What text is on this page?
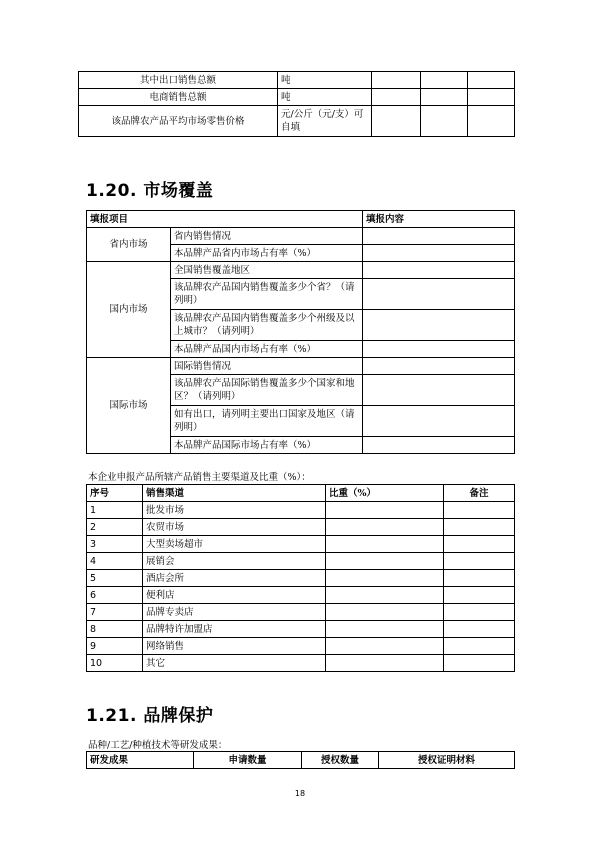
其中出口销售总额	吨			
电商销售总额	吨			
该品牌农产品平均市场零售价格	元/公斤（元/支）可自填			
1.20. 市场覆盖
填报项目		填报内容
省内市场	省内销售情况	
	本品牌产品省内市场占有率（%）	
国内市场	全国销售覆盖地区	
	该品牌农产品国内销售覆盖多少个省？（请列明）	
	该品牌农产品国内销售覆盖多少个州级及以上城市？（请列明）	
	本品牌产品国内市场占有率（%）	
国际市场	国际销售情况	
	该品牌农产品国际销售覆盖多少个国家和地区？（请列明）	
	如有出口，请列明主要出口国家及地区（请列明）	
	本品牌产品国际市场占有率（%）	
本企业申报产品所辖产品销售主要渠道及比重（%）：
序号	销售渠道	比重（%）	备注
1	批发市场		
2	农贸市场		
3	大型卖场超市		
4	展销会		
5	酒店会所		
6	便利店		
7	品牌专卖店		
8	品牌特许加盟店		
9	网络销售		
10	其它		
1.21. 品牌保护
品种/工艺/种植技术等研发成果：
研发成果	申请数量	授权数量	授权证明材料
18
